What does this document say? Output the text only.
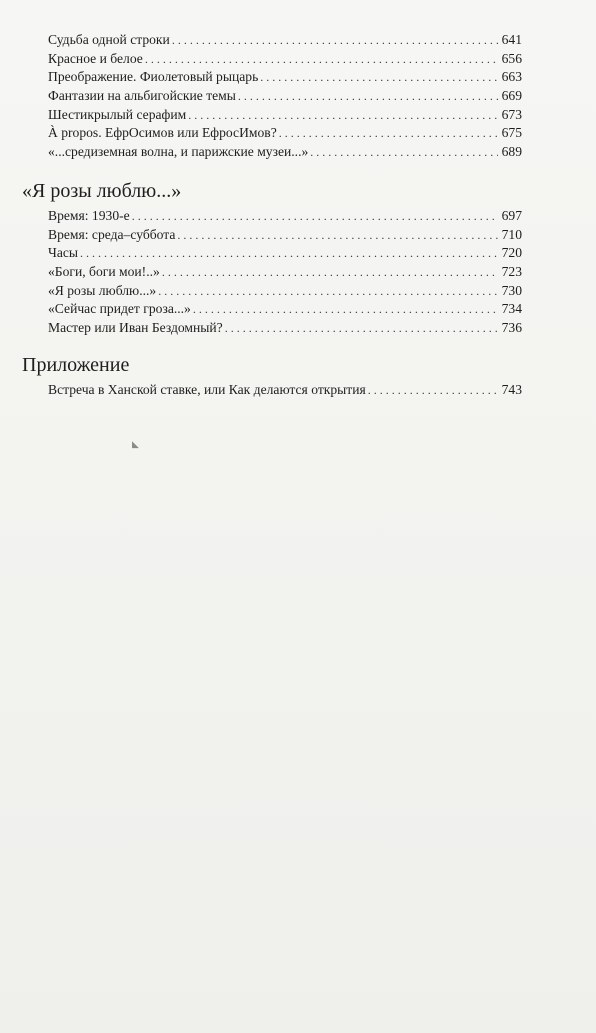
Судьба одной строки . . .	641
Красное и белое . . .	656
Преображение. Фиолетовый рыцарь . . .	663
Фантазии на альбигойские темы . . .	669
Шестикрылый серафим . . .	673
À propos. ЕфрОсимов или ЕфросИмов? . . .	675
«...средиземная волна, и парижские музеи...» . . .	689
«Я розы люблю...»
Время: 1930-е . . .	697
Время: среда–суббота . . .	710
Часы . . .	720
«Боги, боги мои!..» . . .	723
«Я розы люблю...» . . .	730
«Сейчас придет гроза...» . . .	734
Мастер или Иван Бездомный? . . .	736
Приложение
Встреча в Ханской ставке, или Как делаются открытия . . .	743
◣
